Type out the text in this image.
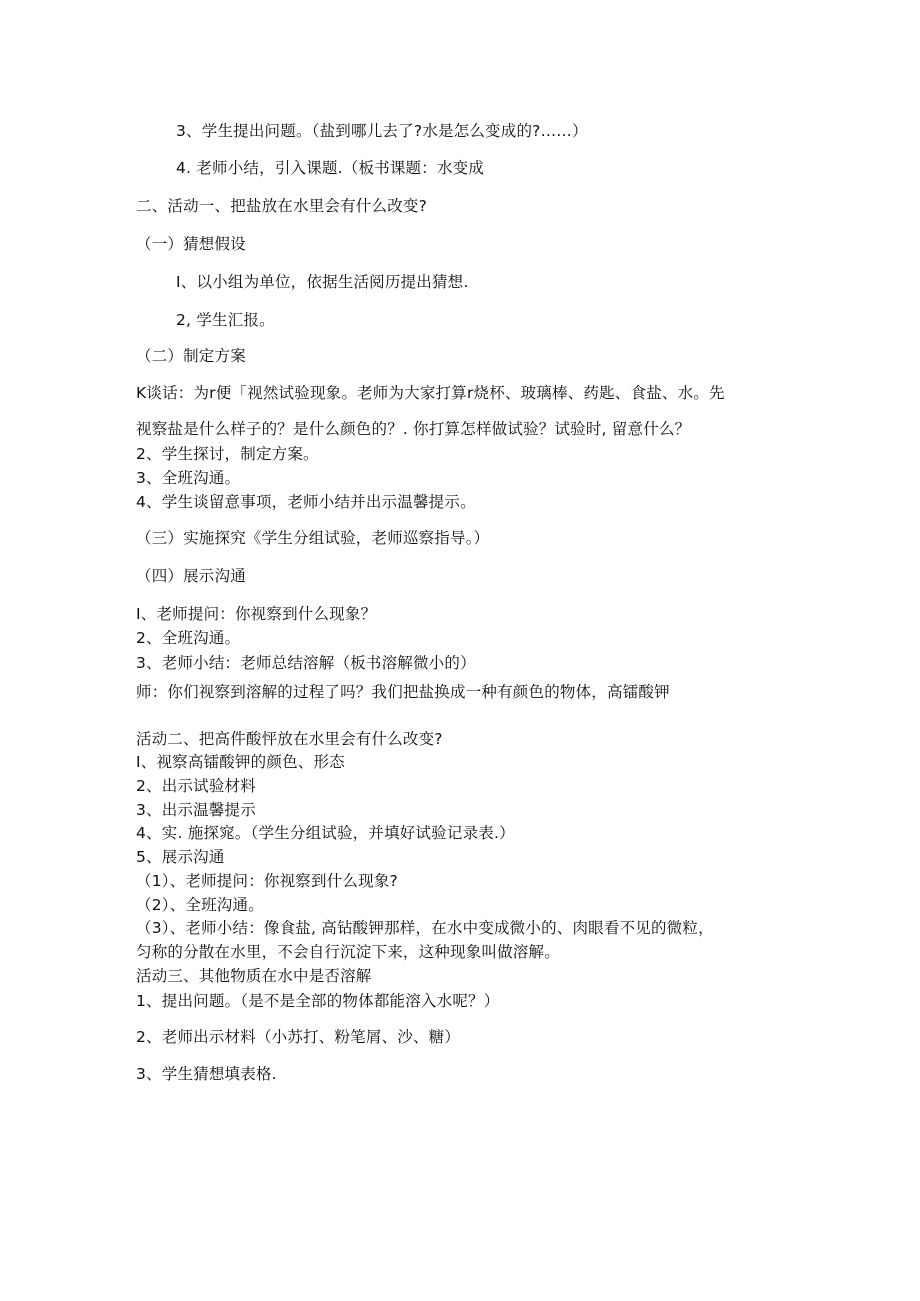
3、学生提出问题。（盐到哪儿去了?水是怎么变成的?……）
4. 老师小结，引入课题.（板书课题：水变成
二、活动一、把盐放在水里会有什么改变?
（一）猜想假设
I、以小组为单位，依据生活阅历提出猜想.
2, 学生汇报。
（二）制定方案
K谈话：为r便「视然试验现象。老师为大家打算r烧杯、玻璃棒、药匙、食盐、水。先
视察盐是什么样子的？是什么颜色的？. 你打算怎样做试验？试验时, 留意什么？
2、学生探讨，制定方案。
3、全班沟通。
4、学生谈留意事项，老师小结并出示温馨提示。
（三）实施探究《学生分组试验，老师巡察指导。）
（四）展示沟通
I、老师提问：你视察到什么现象？
2、全班沟通。
3、老师小结：老师总结溶解（板书溶解微小的）
师：你们视察到溶解的过程了吗？我们把盐换成一种有颜色的物体，高镭酸钾
活动二、把高件酸怦放在水里会有什么改变?
I、视察高镭酸钾的颜色、形态
2、出示试验材料
3、出示温馨提示
4、实. 施探窕。（学生分组试验，并填好试验记录表.）
5、展示沟通
（1）、老师提问：你视察到什么现象?
（2）、全班沟通。
（3）、老师小结：像食盐, 高钻酸钾那样，在水中变成微小的、肉眼看不见的微粒，
匀称的分散在水里，不会自行沉淀下来，这种现象叫做溶解。
活动三、其他物质在水中是否溶解
1、提出问题。（是不是全部的物体都能溶入水呢？）
2、老师出示材料（小苏打、粉笔屑、沙、糖）
3、学生猜想填表格.
